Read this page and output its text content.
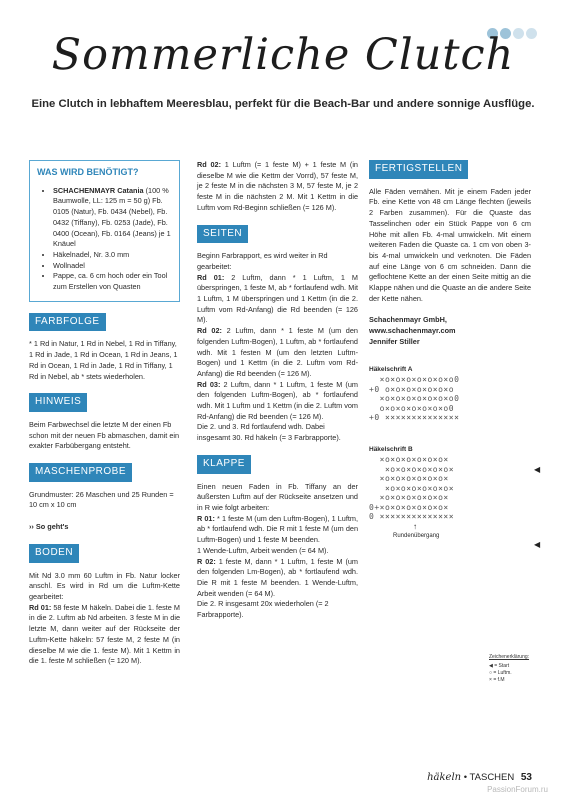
Sommerliche Clutch

Eine Clutch in lebhaftem Meeresblau, perfekt für die Beach-Bar und andere sonnige Ausflüge.

WAS WIRD BENÖTIGT?
• SCHACHENMAYR Catania (100 % Baumwolle, LL: 125 m = 50 g) Fb. 0105 (Natur), Fb. 0434 (Nebel), Fb. 0432 (Tiffany), Fb. 0253 (Jade), Fb. 0400 (Ocean), Fb. 0164 (Jeans) je 1 Knäuel
• Häkelnadel, Nr. 3.0 mm
• Wollnadel
• Pappe, ca. 6 cm hoch oder ein Tool zum Erstellen von Quasten
FARBFOLGE

* 1 Rd in Natur, 1 Rd in Nebel, 1 Rd in Tiffany, 1 Rd in Jade, 1 Rd in Ocean, 1 Rd in Jeans, 1 Rd in Ocean, 1 Rd in Jade, 1 Rd in Tiffany, 1 Rd in Nebel, ab * stets wiederholen.

HINWEIS

Beim Farbwechsel die letzte M der einen Fb schon mit der neuen Fb abmaschen, damit ein exakter Farbübergang entsteht.

MASCHENPROBE

Grundmuster: 26 Maschen und 25 Runden = 10 cm x 10 cm

›› So geht's

BODEN

Mit Nd 3.0 mm 60 Luftm in Fb. Natur locker anschl. Es wird in Rd um die Luftm-Kette gearbeitet:

Rd 01: 58 feste M häkeln. Dabei die 1. feste M in die 2. Luftm ab Nd arbeiten. 3 feste M in die letzte M, dann weiter auf der Rückseite der Luftm-Kette häkeln: 57 feste M, 2 feste M (in dieselbe M wie die 1. feste M). Mit 1 Kettm in die 1. feste M schließen (= 120 M).

Rd 02: 1 Luftm (= 1 feste M) + 1 feste M (in dieselbe M wie die Kettm der Vorrd), 57 feste M, je 2 feste M in die nächsten 3 M, 57 feste M, je 2 feste M in die nächsten 2 M. Mit 1 Kettm in die Luftm vom Rd-Beginn schließen (= 126 M).

SEITEN

Beginn Farbrapport, es wird weiter in Rd gearbeitet:

Rd 01: 2 Luftm, dann * 1 Luftm, 1 M überspringen, 1 feste M, ab * fortlaufend wdh. Mit 1 Luftm, 1 M überspringen und 1 Kettm (in die 2. Luftm vom Rd-Anfang) die Rd beenden (= 126 M).

Rd 02: 2 Luftm, dann * 1 feste M (um den folgenden Luftm-Bogen), 1 Luftm, ab * fortlaufend wdh. Mit 1 festen M (um den letzten Luftm-Bogen) und 1 Kettm (in die 2. Luftm vom Rd-Anfang) die Rd beenden (= 126 M).

Rd 03: 2 Luftm, dann * 1 Luftm, 1 feste M (um den folgenden Luftm-Bogen), ab * fortlaufend wdh. Mit 1 Luftm und 1 Kettm (in die 2. Luftm vom Rd-Anfang) die Rd beenden (= 126 M).

Die 2. und 3. Rd fortlaufend wdh. Dabei insgesamt 30. Rd häkeln (= 3 Farbrapporte).

KLAPPE

Einen neuen Faden in Fb. Tiffany an der äußersten Luftm auf der Rückseite ansetzen und in R wie folgt arbeiten:

R 01: * 1 feste M (um den Luftm-Bogen), 1 Luftm, ab * fortlaufend wdh. Die R mit 1 feste M (um den Luftm-Bogen) und 1 feste M beenden.

1 Wende-Luftm, Arbeit wenden (= 64 M).

R 02: 1 feste M, dann * 1 Luftm, 1 feste M (um den folgenden Lm-Bogen), ab * fortlaufend wdh. Die R mit 1 feste M beenden. 1 Wende-Luftm, Arbeit wenden (= 64 M).

Die 2. R insgesamt 20x wiederholen (= 2 Farbrapporte).

FERTIGSTELLEN

Alle Fäden vernähen. Mit je einem Faden jeder Fb. eine Kette von 48 cm Länge flechten (jeweils 2 Farben zusammen). Für die Quaste das Tasselinchen oder ein Stück Pappe von 6 cm Höhe mit allen Fb. 4-mal umwickeln. Mit einem weiteren Faden die Quaste ca. 1 cm von oben 3- bis 4-mal umwickeln und verknoten. Die Fäden auf eine Länge von 6 cm schneiden. Dann die geflochtene Kette an der einen Seite mittig an die Klappe nähen und die Quaste an die andere Seite der Kette nähen.

Schachenmayr GmbH,

www.schachenmayr.com

Jennifer Stiller

Häkelschrift A

×o×o×o×o×o×o×o0
+0 o×o×o×o×o×o×o
×o×o×o×o×o×o×o0
o×o×o×o×o×o×o0
+0 ××××××××××××××

Häkelschrift B

×o×o×o×o×o×o×
×o×o×o×o×o×o×
×o×o×o×o×o×o×
×o×o×o×o×o×o×
×o×o×o×o×o×o×
0+×o×o×o×o×o×o×
0 ××××××××××××××
↑

Rundenübergang

◀
◀
Zeichenerklärung:
◀ = Start
○ = Luftm.
× = f.M
häkeln • TASCHEN 53
PassionForum.ru
